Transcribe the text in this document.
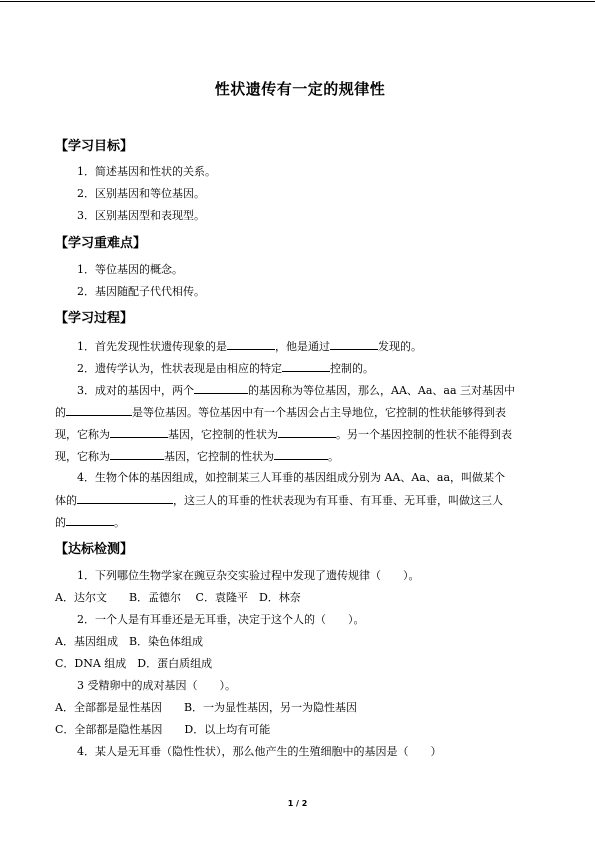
性状遗传有一定的规律性
【学习目标】
1．简述基因和性状的关系。
2．区别基因和等位基因。
3．区别基因型和表现型。
【学习重难点】
1．等位基因的概念。
2．基因随配子代代相传。
【学习过程】
1．首先发现性状遗传现象的是	，他是通过	发现的。
2．遗传学认为，性状表现是由相应的特定	控制的。
3．成对的基因中，两个	的基因称为等位基因，那么，AA、Aa、aa 三对基因中
的	是等位基因。等位基因中有一个基因会占主导地位，它控制的性状能够得到表
现，它称为	基因，它控制的性状为	。另一个基因控制的性状不能得到表
现，它称为	基因，它控制的性状为	。
4．生物个体的基因组成，如控制某三人耳垂的基因组成分别为 AA、Aa、aa，叫做某个
体的	，这三人的耳垂的性状表现为有耳垂、有耳垂、无耳垂，叫做这三人
的	。
【达标检测】
1．下列哪位生物学家在豌豆杂交实验过程中发现了遗传规律（　　）。
A．达尔文　　B．孟德尔　 C．袁隆平　D．林奈
2．一个人是有耳垂还是无耳垂，决定于这个人的（　　）。
A．基因组成　B．染色体组成
C．DNA 组成　D．蛋白质组成
3 受精卵中的成对基因（　　）。
A．全部都是显性基因　　B．一为显性基因，另一为隐性基因
C．全部都是隐性基因　　D．以上均有可能
4．某人是无耳垂（隐性性状），那么他产生的生殖细胞中的基因是（　　）
1 / 2
